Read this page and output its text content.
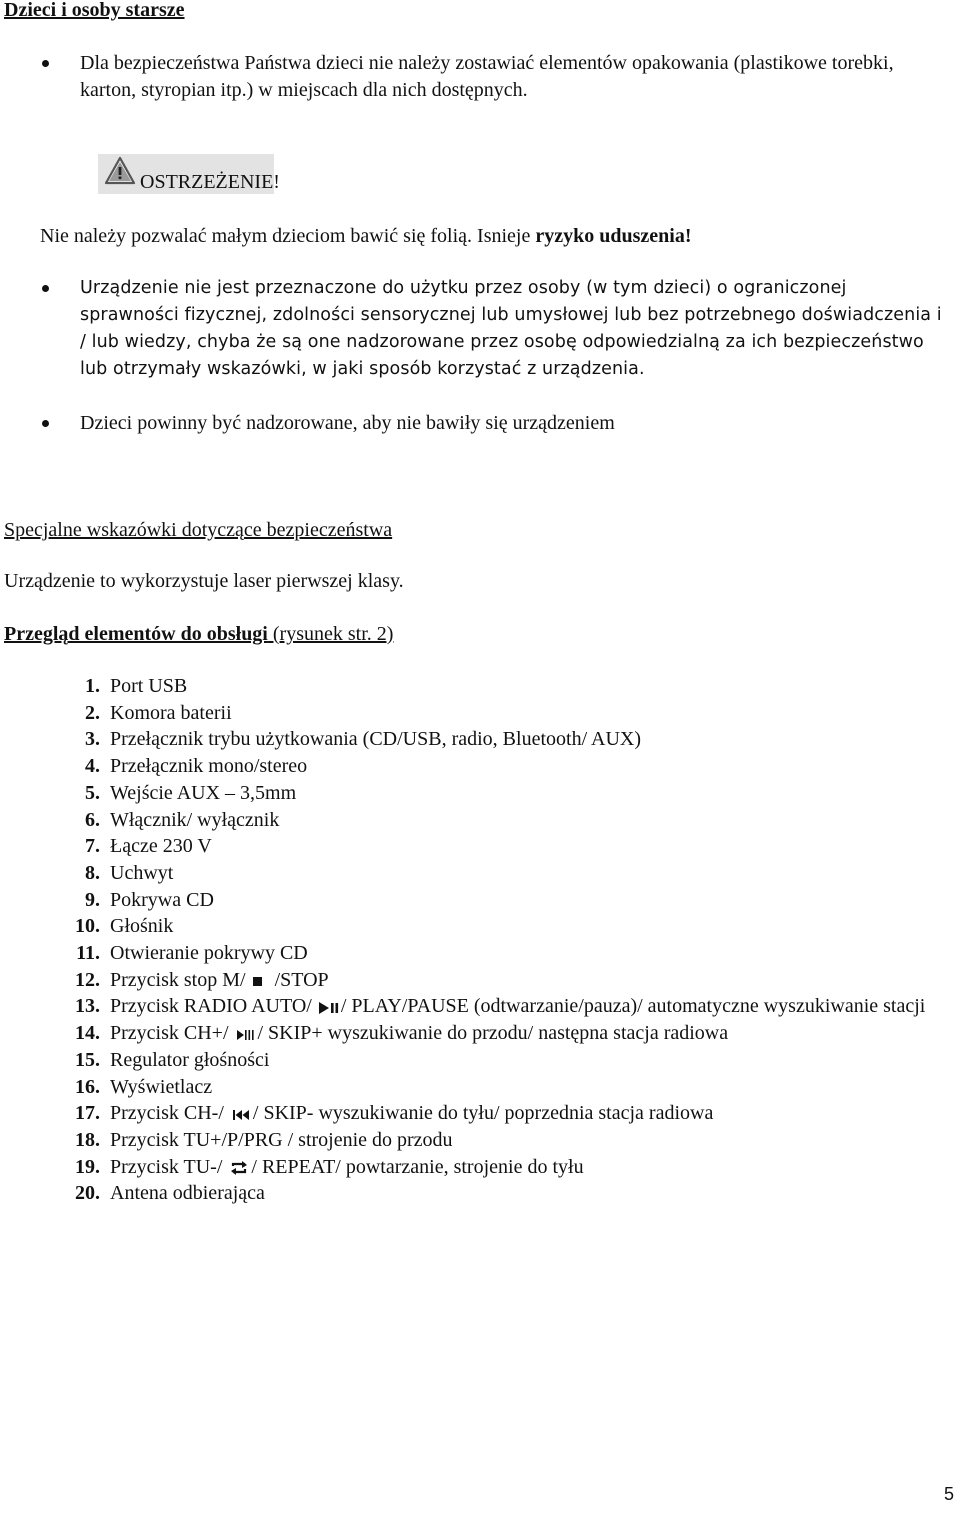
Dzieci i osoby starsze

Dla bezpieczeństwa Państwa dzieci nie należy zostawiać elementów opakowania (plastikowe torebki, karton, styropian itp.) w miejscach dla nich dostępnych.

OSTRZEŻENIE!

Nie należy pozwalać małym dzieciom bawić się folią. Isnieje ryzyko uduszenia!

Urządzenie nie jest przeznaczone do użytku przez osoby (w tym dzieci) o ograniczonej sprawności fizycznej, zdolności sensorycznej lub umysłowej lub bez potrzebnego doświadczenia i / lub wiedzy, chyba że są one nadzorowane przez osobę odpowiedzialną za ich bezpieczeństwo lub otrzymały wskazówki, w jaki sposób korzystać z urządzenia.

Dzieci powinny być nadzorowane, aby nie bawiły się urządzeniem

Specjalne wskazówki dotyczące bezpieczeństwa

Urządzenie to wykorzystuje laser pierwszej klasy.

Przegląd elementów do obsługi (rysunek str. 2)
1. Port USB
2. Komora baterii
3. Przełącznik trybu użytkowania (CD/USB, radio, Bluetooth/ AUX)
4. Przełącznik mono/stereo
5. Wejście AUX – 3,5mm
6. Włącznik/ wyłącznik
7. Łącze 230 V
8. Uchwyt
9. Pokrywa CD
10. Głośnik
11. Otwieranie pokrywy CD
12. Przycisk stop M/ /STOP
13. Przycisk RADIO AUTO/ / PLAY/PAUSE (odtwarzanie/pauza)/ automatyczne wyszukiwanie stacji
14. Przycisk CH+/ / SKIP+ wyszukiwanie do przodu/ następna stacja radiowa
15. Regulator głośności
16. Wyświetlacz
17. Przycisk CH-/ / SKIP- wyszukiwanie do tyłu/ poprzednia stacja radiowa
18. Przycisk TU+/P/PRG / strojenie do przodu
19. Przycisk TU-/ / REPEAT/ powtarzanie, strojenie do tyłu
20. Antena odbierająca
5
